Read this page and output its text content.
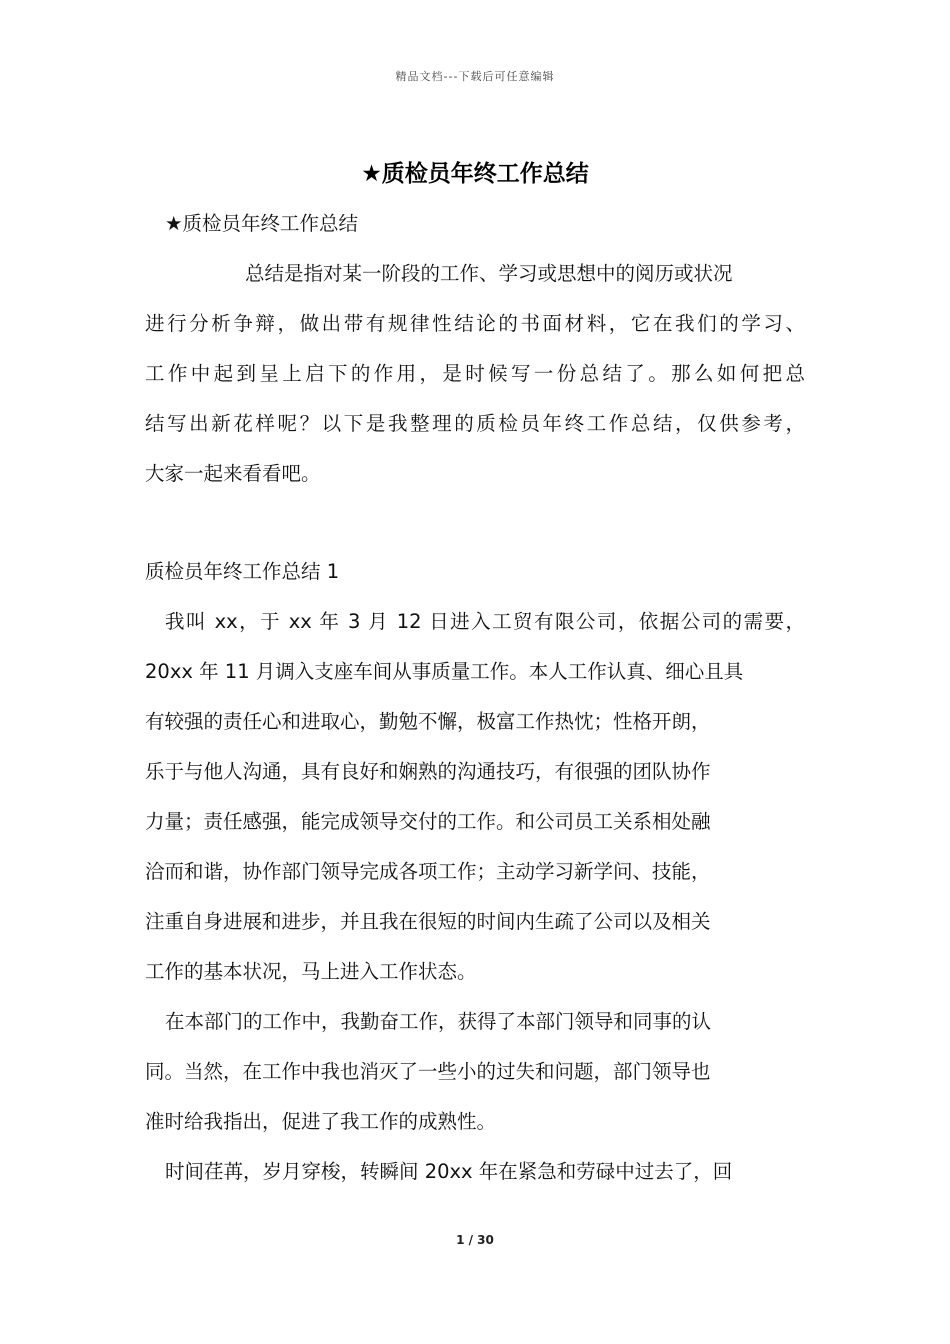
精品文档---下载后可任意编辑
★质检员年终工作总结
★质检员年终工作总结
总结是指对某一阶段的工作、学习或思想中的阅历或状况
进行分析争辩，做出带有规律性结论的书面材料，它在我们的学习、
工作中起到呈上启下的作用，是时候写一份总结了。那么如何把总
结写出新花样呢？以下是我整理的质检员年终工作总结，仅供参考，
大家一起来看看吧。
质检员年终工作总结 1
我叫 xx，于 xx 年 3 月 12 日进入工贸有限公司，依据公司的需要，
20xx 年 11 月调入支座车间从事质量工作。本人工作认真、细心且具
有较强的责任心和进取心，勤勉不懈，极富工作热忱；性格开朗，
乐于与他人沟通，具有良好和娴熟的沟通技巧，有很强的团队协作
力量；责任感强，能完成领导交付的工作。和公司员工关系相处融
洽而和谐，协作部门领导完成各项工作；主动学习新学问、技能，
注重自身进展和进步，并且我在很短的时间内生疏了公司以及相关
工作的基本状况，马上进入工作状态。
在本部门的工作中，我勤奋工作，获得了本部门领导和同事的认
同。当然，在工作中我也消灭了一些小的过失和问题，部门领导也
准时给我指出，促进了我工作的成熟性。
时间荏苒，岁月穿梭，转瞬间 20xx 年在紧急和劳碌中过去了，回
1 / 30
